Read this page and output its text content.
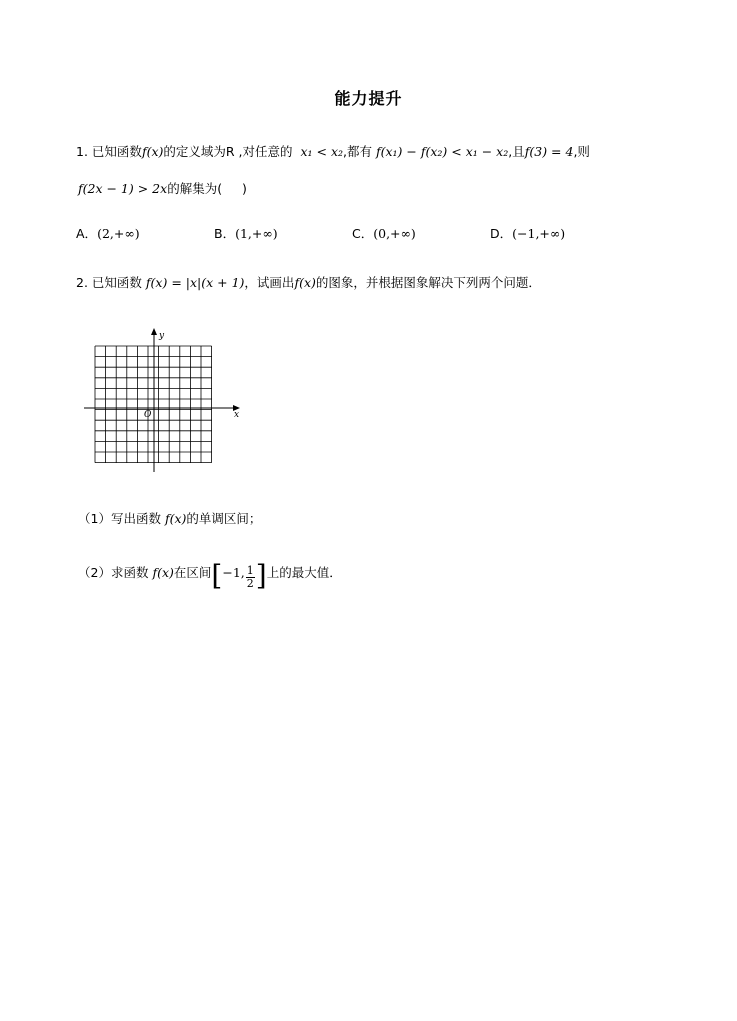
能力提升
1. 已知函数f(x)的定义域为R ,对任意的 x₁ < x₂,都有 f(x₁) − f(x₂) < x₁ − x₂,且f(3) = 4,则
f(2x − 1) > 2x的解集为( )
A．(2,+∞)	B．(1,+∞)	C．(0,+∞)	D．(−1,+∞)
2. 已知函数 f(x) = |x|(x + 1)，试画出f(x)的图象，并根据图象解决下列两个问题．
y
x
O
（1）写出函数 f(x)的单调区间；
（2）求函数 f(x)在区间[−1, $\frac{1}{2}$ ]上的最大值．
